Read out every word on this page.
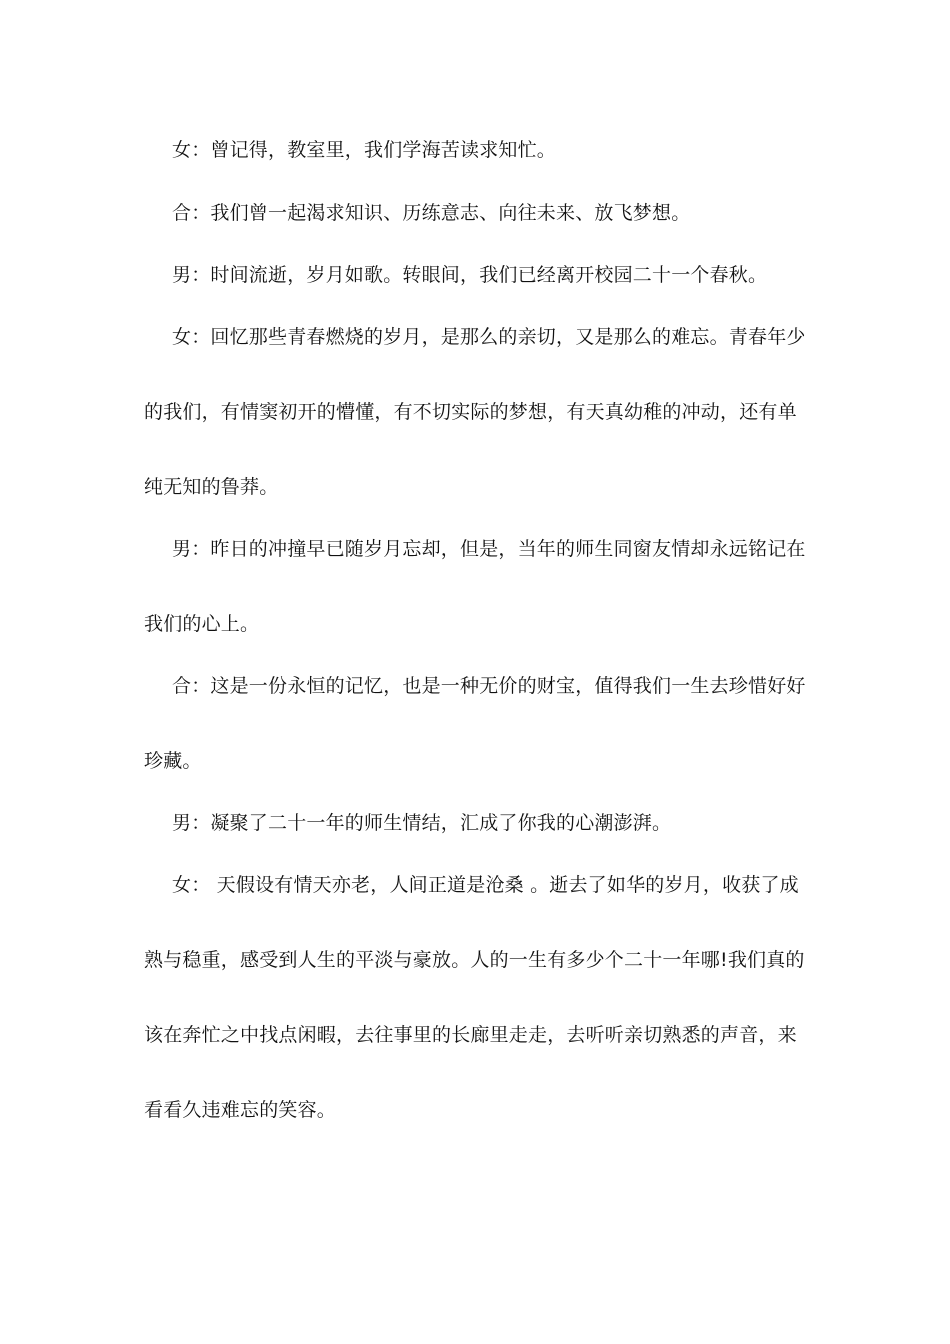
女：曾记得，教室里，我们学海苦读求知忙。
合：我们曾一起渴求知识、历练意志、向往未来、放飞梦想。
男：时间流逝，岁月如歌。转眼间，我们已经离开校园二十一个春秋。
女：回忆那些青春燃烧的岁月，是那么的亲切，又是那么的难忘。青春年少
的我们，有情窦初开的懵懂，有不切实际的梦想，有天真幼稚的冲动，还有单
纯无知的鲁莽。
男：昨日的冲撞早已随岁月忘却，但是，当年的师生同窗友情却永远铭记在
我们的心上。
合：这是一份永恒的记忆，也是一种无价的财宝，值得我们一生去珍惜好好
珍藏。
男：凝聚了二十一年的师生情结，汇成了你我的心潮澎湃。
女： 天假设有情天亦老，人间正道是沧桑 。逝去了如华的岁月，收获了成
熟与稳重，感受到人生的平淡与豪放。人的一生有多少个二十一年哪!我们真的
该在奔忙之中找点闲暇，去往事里的长廊里走走，去听听亲切熟悉的声音，来
看看久违难忘的笑容。
